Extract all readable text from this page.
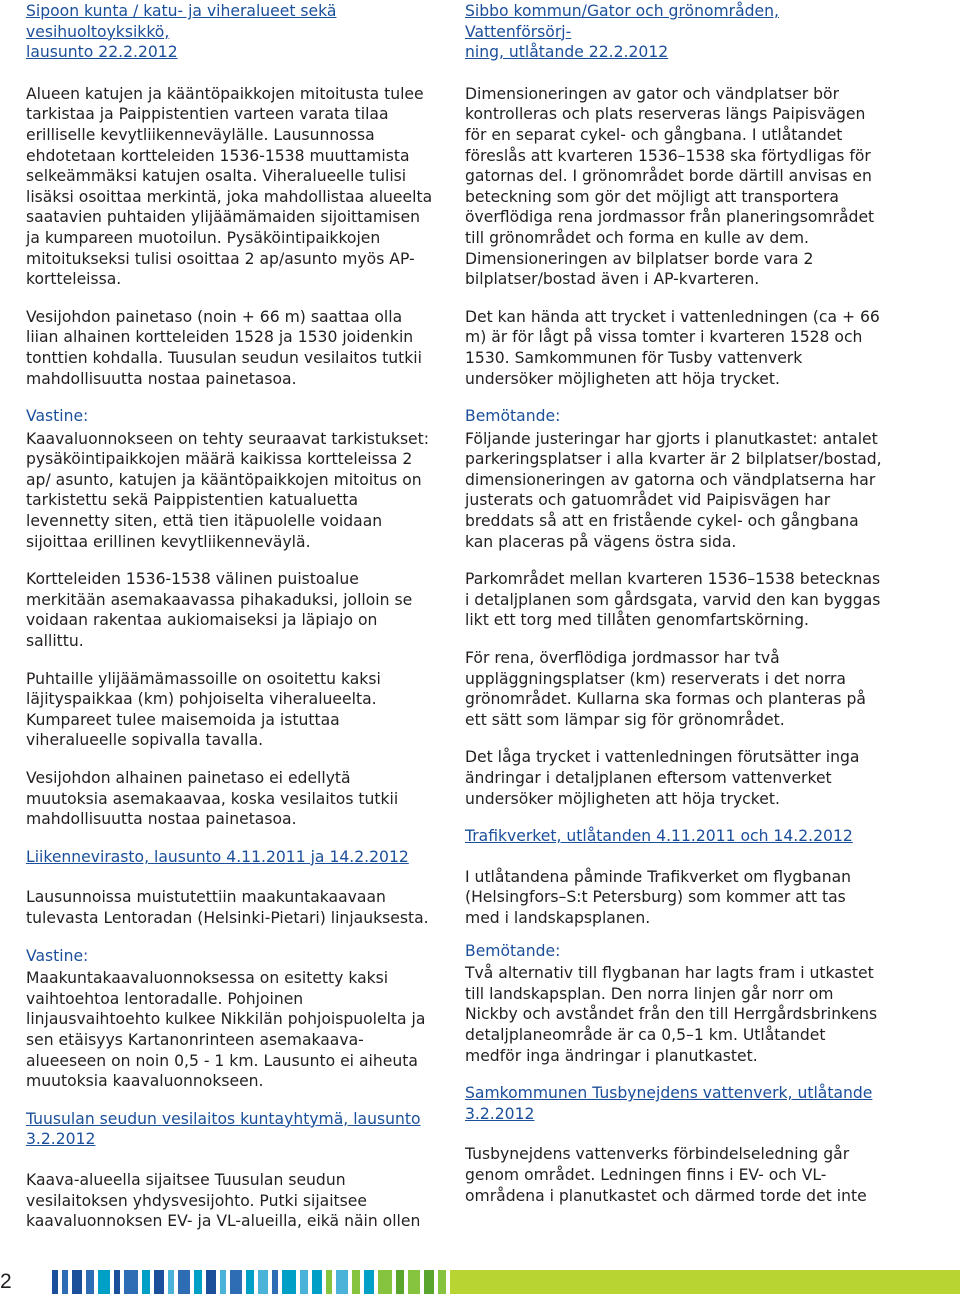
Sipoon kunta / katu- ja viheralueet sekä vesihuoltoyksikkö,
lausunto 22.2.2012

Alueen katujen ja kääntöpaikkojen mitoitusta tulee tarkistaa ja Paippistentien varteen varata tilaa erilliselle kevytliikenneväylälle. Lausunnossa ehdotetaan kortteleiden 1536-1538 muuttamista selkeämmäksi katujen osalta. Viheralueelle tulisi lisäksi osoittaa merkintä, joka mahdollistaa alueelta saatavien puhtaiden ylijäämämaiden sijoittamisen ja kumpareen muotoilun. Pysäköintipaikkojen mitoitukseksi tulisi osoittaa 2 ap/asunto myös AP-kortteleissa.

Vesijohdon painetaso (noin + 66 m) saattaa olla liian alhainen kortteleiden 1528 ja 1530 joidenkin tonttien kohdalla. Tuusulan seudun vesilaitos tutkii mahdollisuutta nostaa painetasoa.

Vastine:

Kaavaluonnokseen on tehty seuraavat tarkistukset: pysäköintipaikkojen määrä kaikissa kortteleissa 2 ap/ asunto, katujen ja kääntöpaikkojen mitoitus on tarkistettu sekä Paippistentien katualuetta levennetty siten, että tien itäpuolelle voidaan sijoittaa erillinen kevytliikenneväylä.

Kortteleiden 1536-1538 välinen puistoalue merkitään asemakaavassa pihakaduksi, jolloin se voidaan rakentaa aukiomaiseksi ja läpiajo on sallittu.

Puhtaille ylijäämämassoille on osoitettu kaksi läjityspaikkaa (km) pohjoiselta viheralueelta. Kumpareet tulee maisemoida ja istuttaa viheralueelle sopivalla tavalla.

Vesijohdon alhainen painetaso ei edellytä muutoksia asemakaavaa, koska vesilaitos tutkii mahdollisuutta nostaa painetasoa.

Liikennevirasto, lausunto 4.11.2011 ja 14.2.2012

Lausunnoissa muistutettiin maakuntakaavaan tulevasta Lentoradan (Helsinki-Pietari) linjauksesta.

Vastine:

Maakuntakaavaluonnoksessa on esitetty kaksi vaihtoehtoa lentoradalle. Pohjoinen linjausvaihtoehto kulkee Nikkilän pohjoispuolelta ja sen etäisyys Kartanonrinteen asemakaava-alueeseen on noin 0,5 - 1 km. Lausunto ei aiheuta muutoksia kaavaluonnokseen.

Tuusulan seudun vesilaitos kuntayhtymä, lausunto
3.2.2012

Kaava-alueella sijaitsee Tuusulan seudun vesilaitoksen yhdysvesijohto. Putki sijaitsee kaavaluonnoksen EV- ja VL-alueilla, eikä näin ollen

Sibbo kommun/Gator och grönområden, Vattenförsörj-
ning, utlåtande 22.2.2012

Dimensioneringen av gator och vändplatser bör kontrolleras och plats reserveras längs Paipisvägen för en separat cykel- och gångbana. I utlåtandet föreslås att kvarteren 1536–1538 ska förtydligas för gatornas del. I grönområdet borde därtill anvisas en beteckning som gör det möjligt att transportera överflödiga rena jordmassor från planeringsområdet till grönområdet och forma en kulle av dem. Dimensioneringen av bilplatser borde vara 2 bilplatser/bostad även i AP-kvarteren.

Det kan hända att trycket i vattenledningen (ca + 66 m) är för lågt på vissa tomter i kvarteren 1528 och 1530. Samkommunen för Tusby vattenverk undersöker möjligheten att höja trycket.

Bemötande:

Följande justeringar har gjorts i planutkastet: antalet parkeringsplatser i alla kvarter är 2 bilplatser/bostad, dimensioneringen av gatorna och vändplatserna har justerats och gatuområdet vid Paipisvägen har breddats så att en fristående cykel- och gångbana kan placeras på vägens östra sida.

Parkområdet mellan kvarteren 1536–1538 betecknas i detaljplanen som gårdsgata, varvid den kan byggas likt ett torg med tillåten genomfartskörning.

För rena, överflödiga jordmassor har två uppläggningsplatser (km) reserverats i det norra grönområdet. Kullarna ska formas och planteras på ett sätt som lämpar sig för grönområdet.

Det låga trycket i vattenledningen förutsätter inga ändringar i detaljplanen eftersom vattenverket undersöker möjligheten att höja trycket.

Trafikverket, utlåtanden 4.11.2011 och 14.2.2012

I utlåtandena påminde Trafikverket om flygbanan (Helsingfors–S:t Petersburg) som kommer att tas med i landskapsplanen.

Bemötande:

Två alternativ till flygbanan har lagts fram i utkastet till landskapsplan. Den norra linjen går norr om Nickby och avståndet från den till Herrgårdsbrinkens detaljplaneområde är ca 0,5–1 km. Utlåtandet medför inga ändringar i planutkastet.

Samkommunen Tusbynejdens vattenverk, utlåtande
3.2.2012

Tusbynejdens vattenverks förbindelseledning går genom området. Ledningen finns i EV- och VL-områdena i planutkastet och därmed torde det inte

2
